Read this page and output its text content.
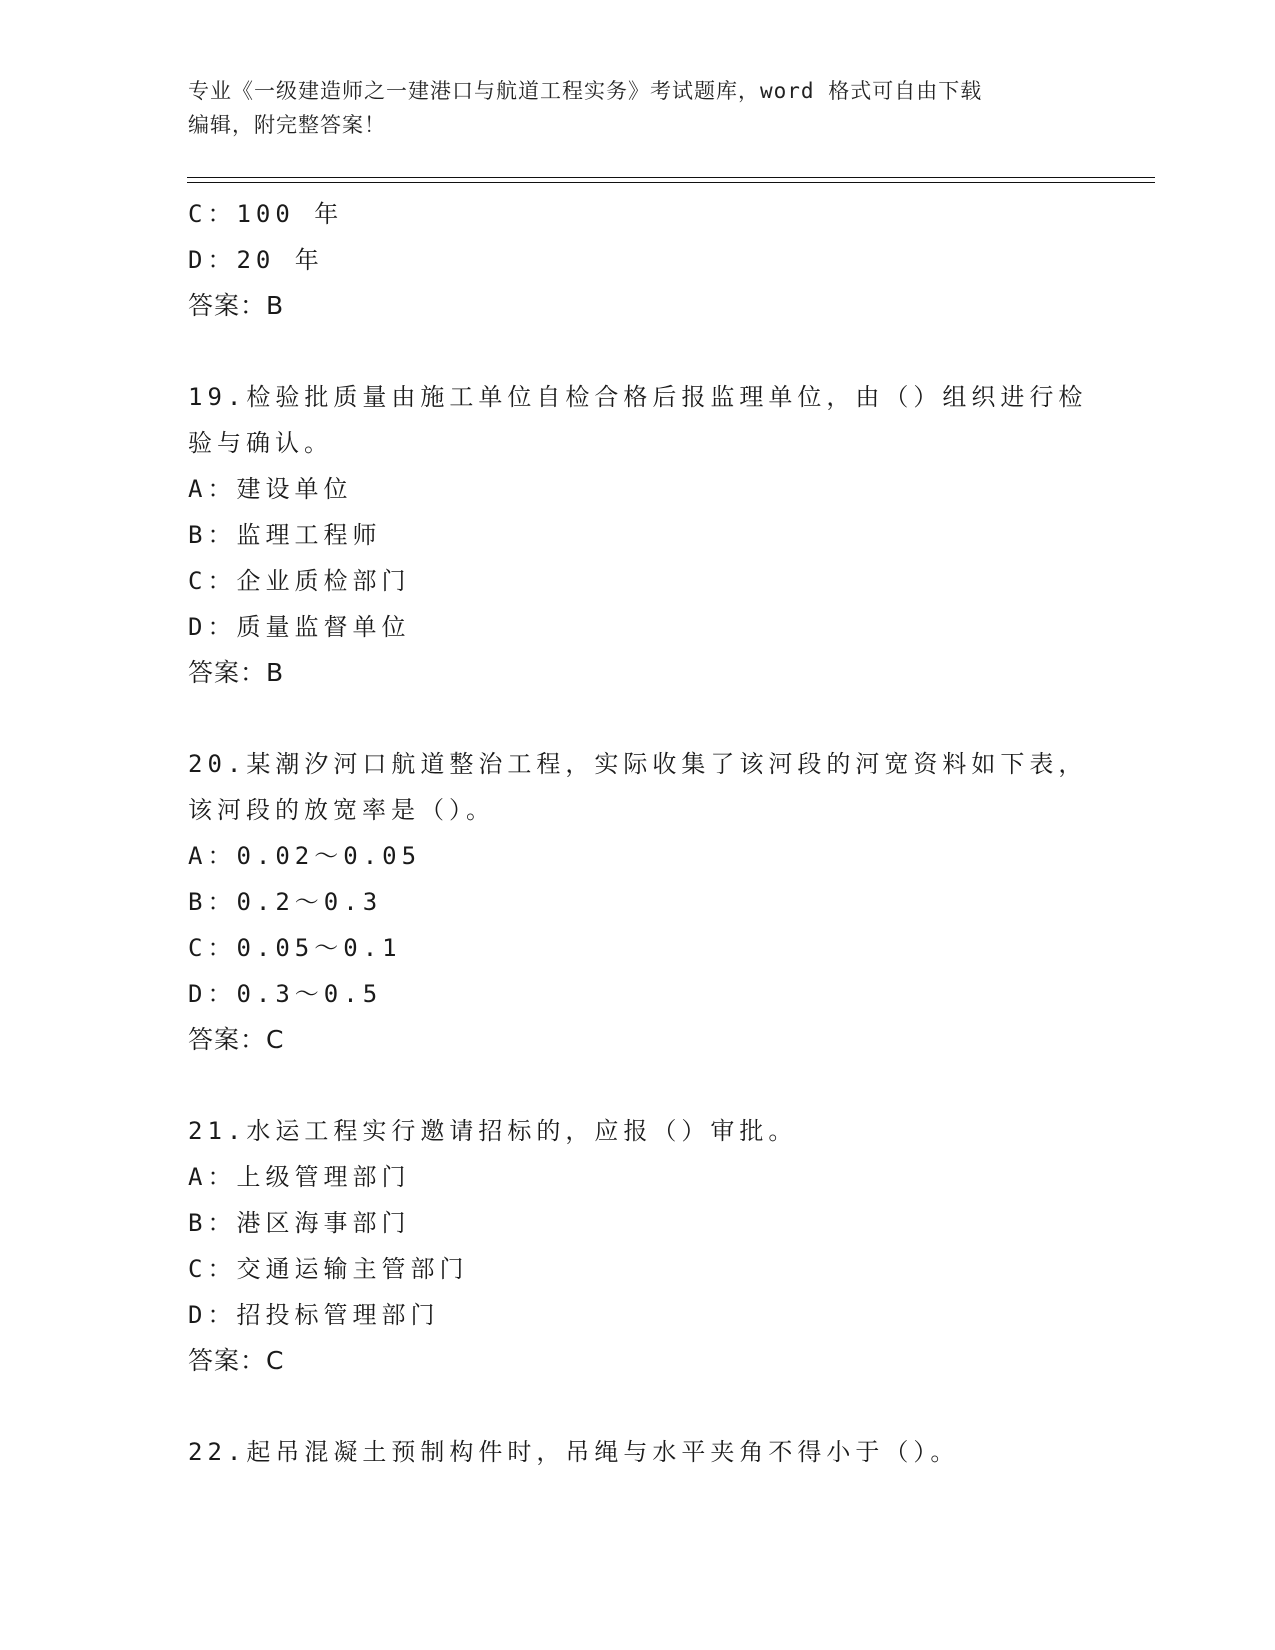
专业《一级建造师之一建港口与航道工程实务》考试题库，word 格式可自由下载
编辑，附完整答案！
C：100 年
D：20 年
答案：B
19.检验批质量由施工单位自检合格后报监理单位，由（）组织进行检
验与确认。
A：建设单位
B：监理工程师
C：企业质检部门
D：质量监督单位
答案：B
20.某潮汐河口航道整治工程，实际收集了该河段的河宽资料如下表，
该河段的放宽率是（）。
A：0.02～0.05
B：0.2～0.3
C：0.05～0.1
D：0.3～0.5
答案：C
21.水运工程实行邀请招标的，应报（）审批。
A：上级管理部门
B：港区海事部门
C：交通运输主管部门
D：招投标管理部门
答案：C
22.起吊混凝土预制构件时，吊绳与水平夹角不得小于（）。
